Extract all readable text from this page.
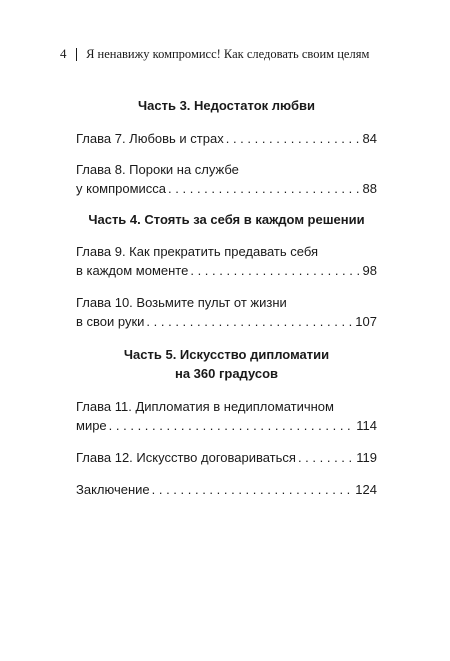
4 Я ненавижу компромисс! Как следовать своим целям
Часть 3. Недостаток любви
Глава 7. Любовь и страх . . .	84
Глава 8. Пороки на службе
у компромисса . . .	88
Часть 4. Стоять за себя в каждом решении
Глава 9. Как прекратить предавать себя
в каждом моменте . . .	98
Глава 10. Возьмите пульт от жизни
в свои руки . . .	107
Часть 5. Искусство дипломатии
на 360 градусов
Глава 11. Дипломатия в недипломатичном
мире . . .	114
Глава 12. Искусство договариваться . . .	119
Заключение . . .	124
